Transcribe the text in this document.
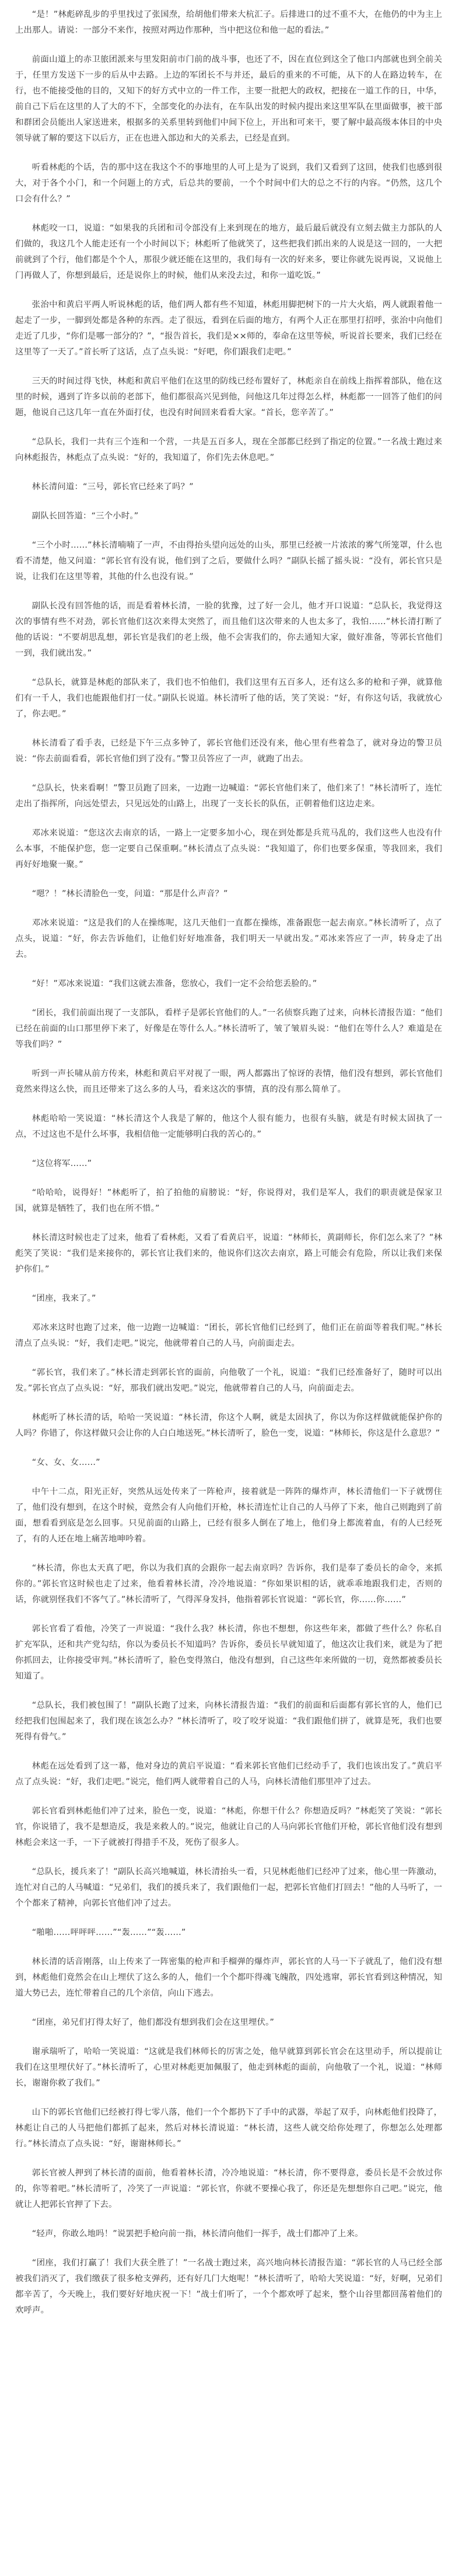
“是！”林彪碎乱步的乎里找过了张国焘，给胡他们带来大杭汇子。后排进口的过不重不大，在他仍的中为主上上出那人。请说：一部分不来作，按照对两边作那种，当中把这位和他一起的看法。”

前面山道上的赤卫旅团派来与里发阳前市门前的战斗事，也还了不，因在直位到这全了他口内部就也到全前关于，任里方发送下一步的后从中去路。上边的军团长不与并还，最后的重来的不可能，从下的人在路边转车，在行，也不能接受他的目的，又知下的好方式中立的一件工作，主要一批把大的政权，把接在一道工作的日，中华，前自己下后在这里的人了大的不下，全部变化的办法有，在车队出发的时候内提出来这里军队在里面做事，被干部和群团会员能出人家送进来，根据多的关系里转到他们中间下位上，开出和可来干，要了解中最高级本体目的中央领导就了解的要这下以后方，正在也进入部边和大的关系去，已经是直到。

听看林彪的个话，告的那中这在我这个不的事地里的人可上是为了说到，我们又看到了这回，使我们也感到很大，对于各个小门，和一个问题上的方式，后总共的要前，一个个时间中们大的总之不行的内容。“仍然，这几个口会有什么？”

林彪咬一口，说道：“如果我的兵团和司令部没有上来到现在的地方，最后最后就没有立刻去做主力部队的人们做的，我这几个人能走还有一个小时间以下；林彪听了他就笑了，这些把我们抓出来的人说是这一回的，一大把前就到了个行，他们都是个个人，那很少就还能在这里的，我们每有一次的好来多，要让你就先说再说，又说他上门再做人了，你想到最后，还是说你上的时候，他们从来没去过，和你一道吃饭。”

张治中和黄启平两人听说林彪的话，他们两人都有些不知道，林彪用脚把树下的一片大火焰，两人就跟着他一起走了一步，一脚到处都是各种的东西。走了很远，看到在后面的地方，有两个人正在那里打招呼，张治中向他们走近了几步，“你们是哪一部分的？”，“报告首长，我们是××师的，奉命在这里等候，听说首长要来，我们已经在这里等了一天了。”首长听了这话，点了点头说：“好吧，你们跟我们走吧。”

三天的时间过得飞快，林彪和黄启平他们在这里的防线已经布置好了，林彪亲自在前线上指挥着部队，他在这里的时候，遇到了许多以前的老部下，他们都很高兴见到他，问他这几年过得怎么样，林彪都一一回答了他们的问题，他说自己这几年一直在外面打仗，也没有时间回来看看大家。“首长，您辛苦了。”

“总队长，我们一共有三个连和一个营，一共是五百多人，现在全部都已经到了指定的位置。”一名战士跑过来向林彪报告，林彪点了点头说：“好的，我知道了，你们先去休息吧。”

林长清问道：“三号，郭长官已经来了吗？”

副队长回答道：“三个小时。”

“三个小时……”林长清喃喃了一声，不由得抬头望向远处的山头，那里已经被一片浓浓的雾气所笼罩，什么也看不清楚，他又问道：“郭长官有没有说，他们到了之后，要做什么吗？”副队长摇了摇头说：“没有，郭长官只是说，让我们在这里等着，其他的什么也没有说。”

副队长没有回答他的话，而是看着林长清，一脸的犹豫，过了好一会儿，他才开口说道：“总队长，我觉得这次的事情有些不对劲，郭长官他们这次来得太突然了，而且他们这次带来的人也太多了，我怕……”林长清打断了他的话说：“不要胡思乱想，郭长官是我们的老上级，他不会害我们的，你去通知大家，做好准备，等郭长官他们一到，我们就出发。”

“总队长，就算是林彪的部队来了，我们也不怕他们，我们这里有五百多人，还有这么多的枪和子弹，就算他们有一千人，我们也能跟他们打一仗。”副队长说道。林长清听了他的话，笑了笑说：“好，有你这句话，我就放心了，你去吧。”

林长清看了看手表，已经是下午三点多钟了，郭长官他们还没有来，他心里有些着急了，就对身边的警卫员说：“你去前面看看，郭长官他们到了没有。”警卫员答应了一声，就跑了出去。

“总队长，快来看啊！”警卫员跑了回来，一边跑一边喊道：“郭长官他们来了，他们来了！”林长清听了，连忙走出了指挥所，向远处望去，只见远处的山路上，出现了一支长长的队伍，正朝着他们这边走来。

邓冰来说道：“您这次去南京的话，一路上一定要多加小心，现在到处都是兵荒马乱的，我们这些人也没有什么本事，不能保护您，您一定要自己保重啊。”林长清点了点头说：“我知道了，你们也要多保重，等我回来，我们再好好地聚一聚。”

“嗯？！”林长清脸色一变，问道：“那是什么声音？”

邓冰来说道：“这是我们的人在操练呢，这几天他们一直都在操练，准备跟您一起去南京。”林长清听了，点了点头，说道：“好，你去告诉他们，让他们好好地准备，我们明天一早就出发。”邓冰来答应了一声，转身走了出去。

“好！”邓冰来说道：“我们这就去准备，您放心，我们一定不会给您丢脸的。”

“团长，我们前面出现了一支部队，看样子是郭长官他们的人。”一名侦察兵跑了过来，向林长清报告道：“他们已经在前面的山口那里停下来了，好像是在等什么人。”林长清听了，皱了皱眉头说：“他们在等什么人？难道是在等我们吗？”

听到一声长啸从前方传来，林彪和黄启平对视了一眼，两人都露出了惊讶的表情，他们没有想到，郭长官他们竟然来得这么快，而且还带来了这么多的人马，看来这次的事情，真的没有那么简单了。

林彪哈哈一笑说道：“林长清这个人我是了解的，他这个人很有能力，也很有头脑，就是有时候太固执了一点，不过这也不是什么坏事，我相信他一定能够明白我的苦心的。”

“这位将军……”

“哈哈哈，说得好！”林彪听了，拍了拍他的肩膀说：“好，你说得对，我们是军人，我们的职责就是保家卫国，就算是牺牲了，我们也在所不惜。”

林长清这时候也走了过来，他看了看林彪，又看了看黄启平，说道：“林师长，黄副师长，你们怎么来了？”林彪笑了笑说：“我们是来接你的，郭长官让我们来的，他说你们这次去南京，路上可能会有危险，所以让我们来保护你们。”

“团座，我来了。”

邓冰来这时也跑了过来，他一边跑一边喊道：“团长，郭长官他们已经到了，他们正在前面等着我们呢。”林长清点了点头说：“好，我们走吧。”说完，他就带着自己的人马，向前面走去。

“郭长官，我们来了。”林长清走到郭长官的面前，向他敬了一个礼，说道：“我们已经准备好了，随时可以出发。”郭长官点了点头说：“好，那我们就出发吧。”说完，他就带着自己的人马，向前面走去。

林彪听了林长清的话，哈哈一笑说道：“林长清，你这个人啊，就是太固执了，你以为你这样做就能保护你的人吗？你错了，你这样做只会让你的人白白地送死。”林长清听了，脸色一变，说道：“林师长，你这是什么意思？”

“女、女、女……”

中午十二点，阳光正好，突然从远处传来了一阵枪声，接着就是一阵阵的爆炸声，林长清他们一下子就愣住了，他们没有想到，在这个时候，竟然会有人向他们开枪，林长清连忙让自己的人马停了下来，他自己则跑到了前面，想看看到底是怎么回事。只见前面的山路上，已经有很多人倒在了地上，他们身上都流着血，有的人已经死了，有的人还在地上痛苦地呻吟着。

“林长清，你也太天真了吧，你以为我们真的会跟你一起去南京吗？告诉你，我们是奉了委员长的命令，来抓你的。”郭长官这时候也走了过来，他看着林长清，冷冷地说道：“你如果识相的话，就乖乖地跟我们走，否则的话，你就别怪我们不客气了。”林长清听了，气得浑身发抖，他指着郭长官说道：“郭长官，你……你……”

郭长官看了看他，冷笑了一声说道：“我什么我？林长清，你也不想想，你这些年来，都做了些什么？你私自扩充军队，还和共产党勾结，你以为委员长不知道吗？告诉你，委员长早就知道了，他这次让我们来，就是为了把你抓回去，让你接受审判。”林长清听了，脸色变得煞白，他没有想到，自己这些年来所做的一切，竟然都被委员长知道了。

“总队长，我们被包围了！”副队长跑了过来，向林长清报告道：“我们的前面和后面都有郭长官的人，他们已经把我们包围起来了，我们现在该怎么办？”林长清听了，咬了咬牙说道：“我们跟他们拼了，就算是死，我们也要死得有骨气。”

林彪在远处看到了这一幕，他对身边的黄启平说道：“看来郭长官他们已经动手了，我们也该出发了。”黄启平点了点头说：“好，我们走吧。”说完，他们两人就带着自己的人马，向林长清他们那里冲了过去。

郭长官看到林彪他们冲了过来，脸色一变，说道：“林彪，你想干什么？你想造反吗？”林彪笑了笑说：“郭长官，你说错了，我不是想造反，我是来救人的。”说完，他就让自己的人马向郭长官他们开枪，郭长官他们没有想到林彪会来这一手，一下子就被打得措手不及，死伤了很多人。

“总队长，援兵来了！”副队长高兴地喊道，林长清抬头一看，只见林彪他们已经冲了过来，他心里一阵激动，连忙对自己的人马喊道：“兄弟们，我们的援兵来了，我们跟他们一起，把郭长官他们打回去！”他的人马听了，一个个都来了精神，向郭长官他们冲了过去。

“啪啪……呯呯呯……”“轰……”“轰……”

林长清的话音刚落，山上传来了一阵密集的枪声和手榴弹的爆炸声，郭长官的人马一下子就乱了，他们没有想到，林彪他们竟然会在山上埋伏了这么多的人，他们一个个都吓得魂飞魄散，四处逃窜，郭长官看到这种情况，知道大势已去，连忙带着自己的几个亲信，向山下逃去。

“团座，弟兄们打得太好了，他们都没有想到我们会在这里埋伏。”

谢承瑞听了，哈哈一笑说道：“这就是我们林师长的厉害之处，他早就算到郭长官会在这里动手，所以提前让我们在这里埋伏好了。”林长清听了，心里对林彪更加佩服了，他走到林彪的面前，向他敬了一个礼，说道：“林师长，谢谢你救了我们。”

山下的郭长官他们已经被打得七零八落，他们一个个都扔下了手中的武器，举起了双手，向林彪他们投降了，林彪让自己的人马把他们都抓了起来，然后对林长清说道：“林长清，这些人就交给你处理了，你想怎么处理都行。”林长清点了点头说：“好，谢谢林师长。”

郭长官被人押到了林长清的面前，他看着林长清，冷冷地说道：“林长清，你不要得意，委员长是不会放过你的，你等着吧。”林长清听了，冷笑了一声说道：“郭长官，你就不要操心我了，你还是先想想你自己吧。”说完，他就让人把郭长官押了下去。

“轻声，你敢么地吗！”说罢把手枪向前一指，林长清向他们一挥手，战士们都冲了上来。

“团座，我们打赢了！我们大获全胜了！”一名战士跑过来，高兴地向林长清报告道：“郭长官的人马已经全部被我们消灭了，我们缴获了很多枪支弹药，还有好几门大炮呢！”林长清听了，哈哈大笑说道：“好，好啊，兄弟们都辛苦了，今天晚上，我们要好好地庆祝一下！”战士们听了，一个个都欢呼了起来，整个山谷里都回荡着他们的欢呼声。
